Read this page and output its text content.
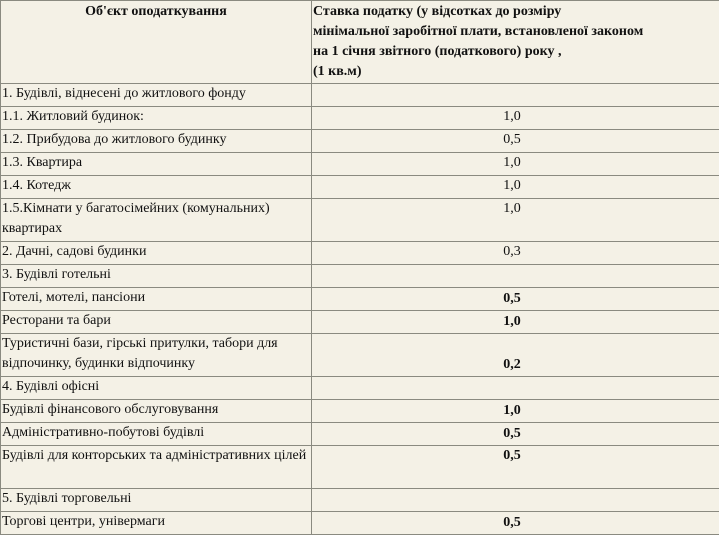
Об'єкт оподаткування	Ставка податку (у відсотках до розміру
мінімальної заробітної плати, встановленої законом
на 1 січня звітного (податкового) року ,
(1 кв.м)

1. Будівлі, віднесені до житлового фонду	
1.1. Житловий будинок:	1,0
1.2. Прибудова до житлового будинку	0,5
1.3. Квартира	1,0
1.4. Котедж	1,0
1.5.Кімнати у багатосімейних (комунальних) квартирах	1,0
2. Дачні, садові будинки	0,3
3. Будівлі готельні	
Готелі, мотелі, пансіони	0,5
Ресторани та бари	1,0
Туристичні бази, гірські притулки, табори для відпочинку, будинки відпочинку	0,2
4. Будівлі офісні	
Будівлі фінансового обслуговування	1,0
Адміністративно-побутові будівлі	0,5
Будівлі для конторських та адміністративних цілей	0,5
5. Будівлі торговельні	
Торгові центри, універмаги	0,5
